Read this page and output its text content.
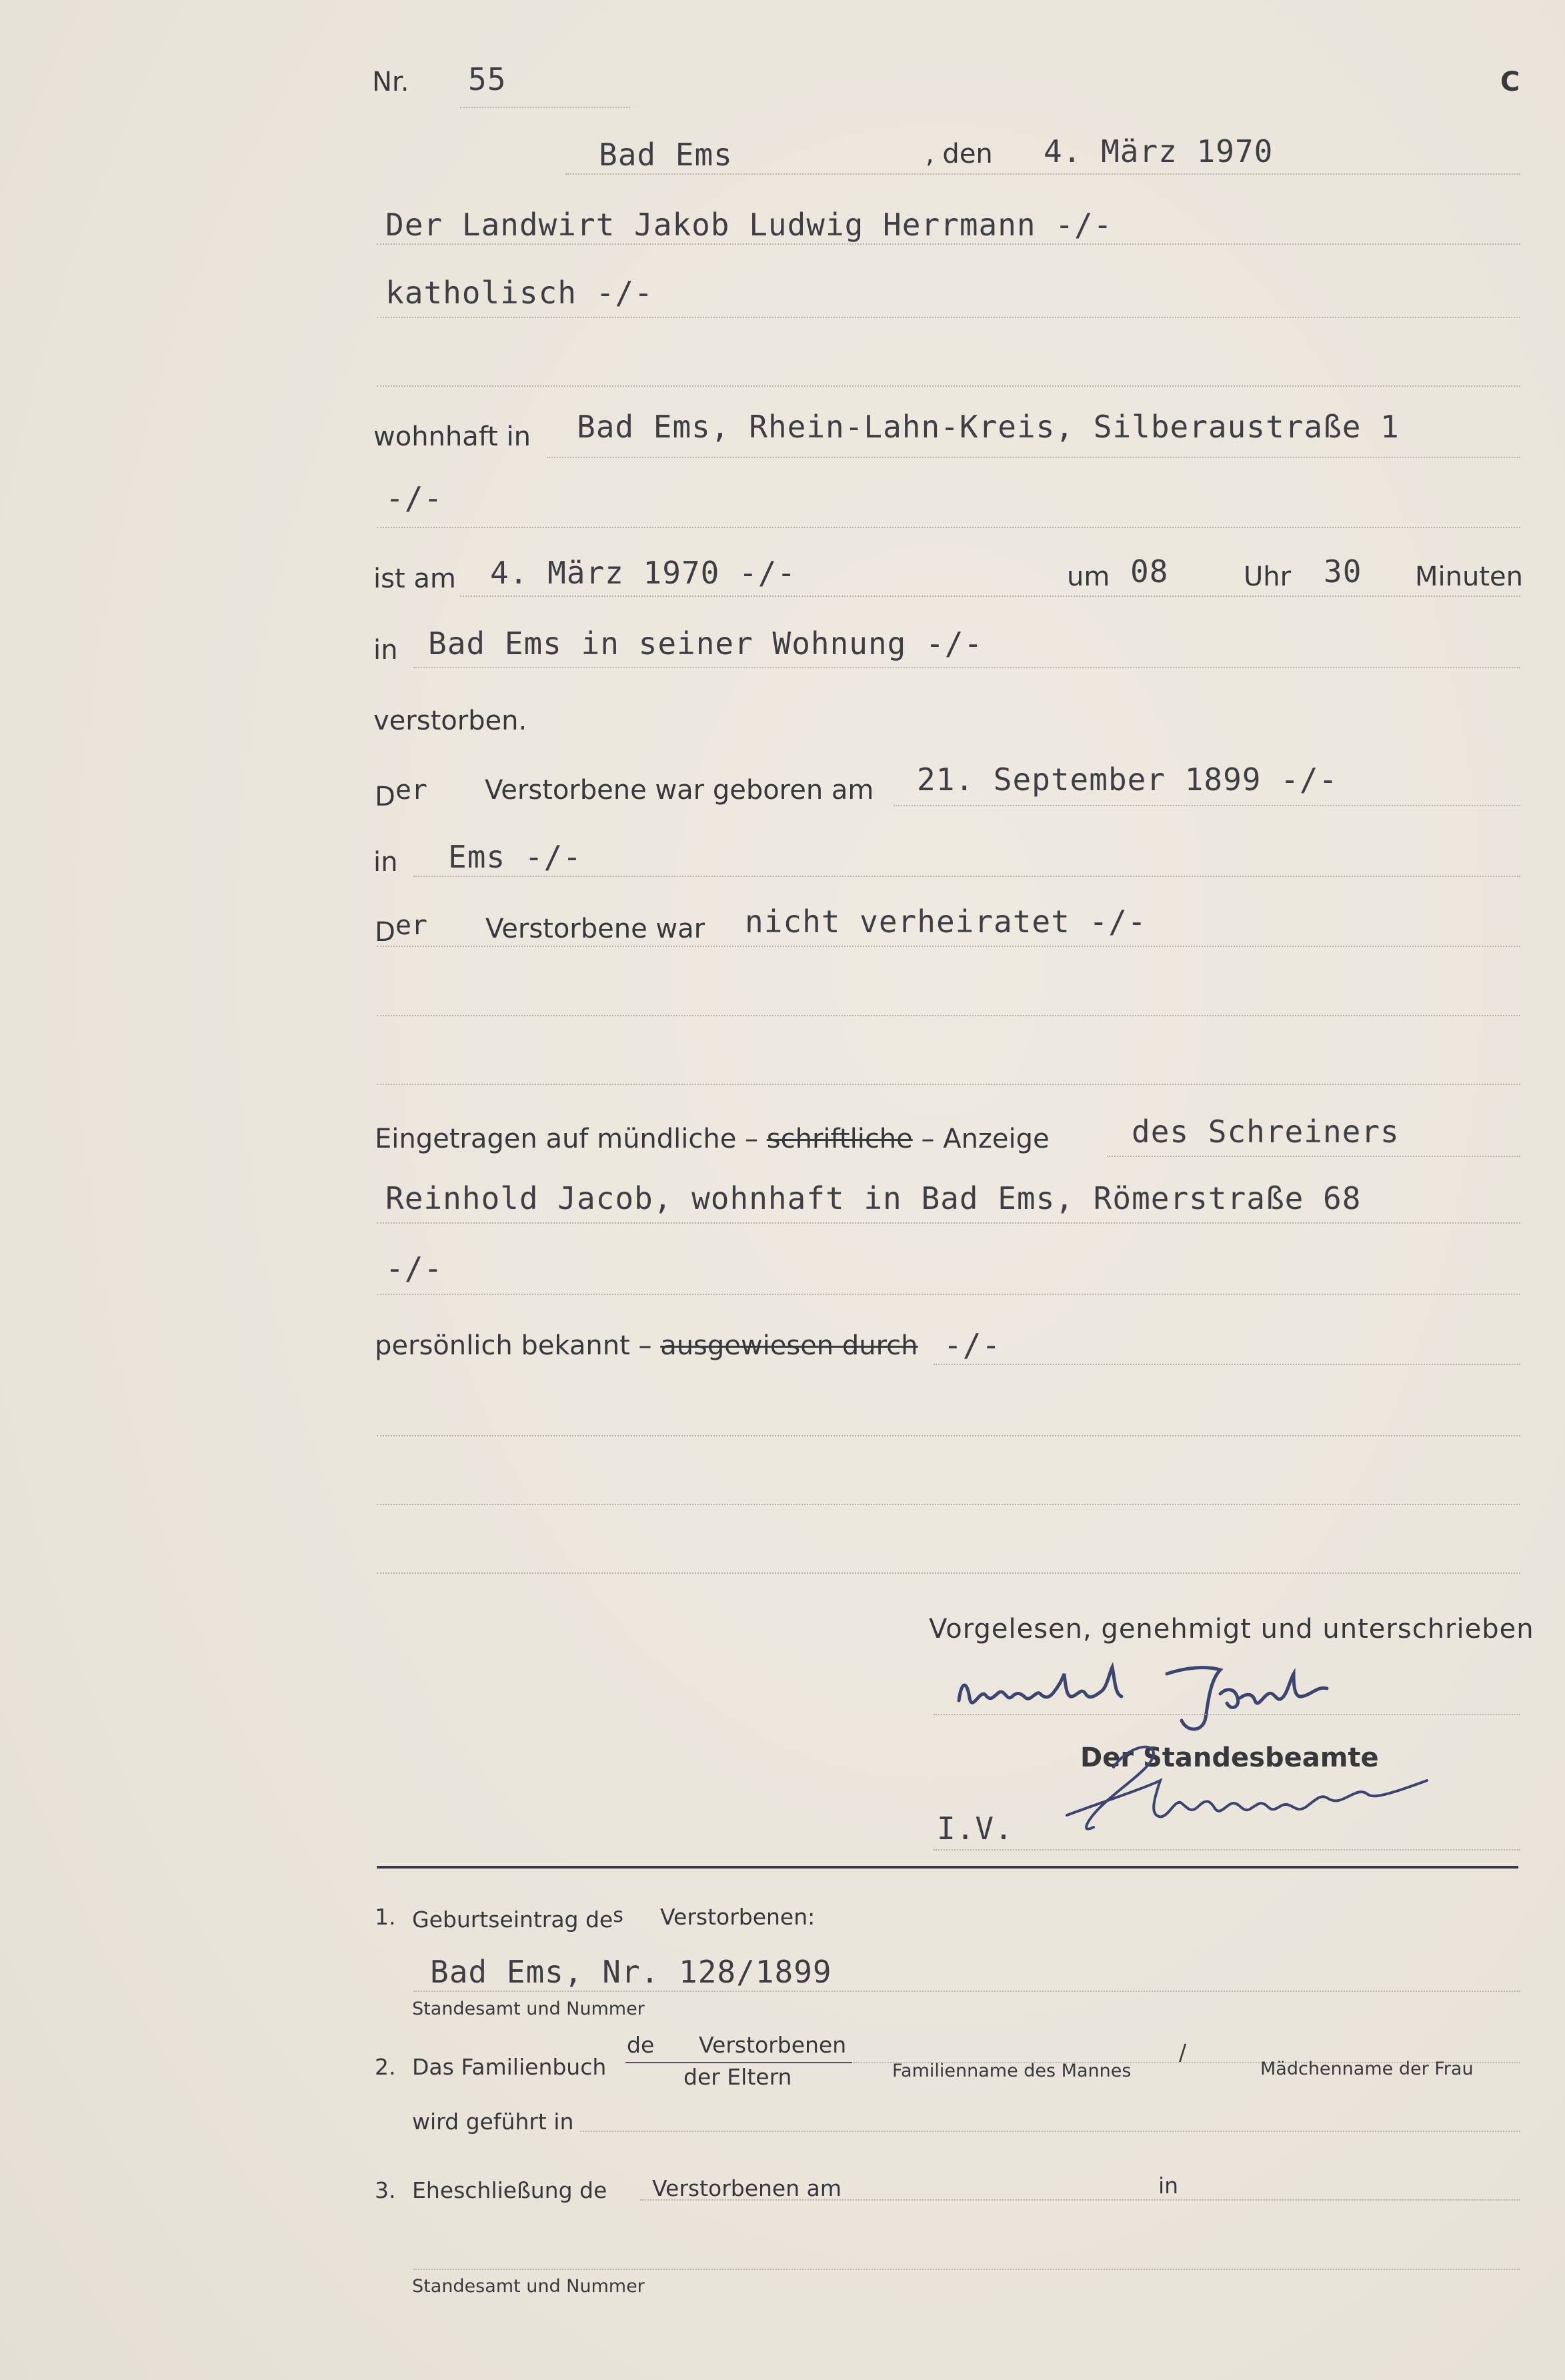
Nr. 55	C
Bad Ems	, den 4. März 1970
Der Landwirt Jakob Ludwig Herrmann -/-
katholisch -/-
wohnhaft in Bad Ems, Rhein-Lahn-Kreis, Silberaustraße 1
-/-
ist am 4. März 1970 -/-	um 08	Uhr 30 Minuten
in Bad Ems in seiner Wohnung -/-
verstorben.
Der Verstorbene war geboren am 21. September 1899 -/-
in Ems -/-
Der Verstorbene war nicht verheiratet -/-
Eingetragen auf mündliche – schriftliche – Anzeige	des Schreiners
Reinhold Jacob, wohnhaft in Bad Ems, Römerstraße 68
-/-
persönlich bekannt – ausgewiesen durch -/-
Vorgelesen, genehmigt und unterschrieben
Der Standesbeamte
I.V.
1. Geburtseintrag des Verstorbenen:
Bad Ems, Nr. 128/1899
Standesamt und Nummer
2. Das Familienbuch
de Verstorbenen
der Eltern	Familienname des Mannes
/
Mädchenname der Frau
wird geführt in
3. Eheschließung de Verstorbenen am	in
Standesamt und Nummer
